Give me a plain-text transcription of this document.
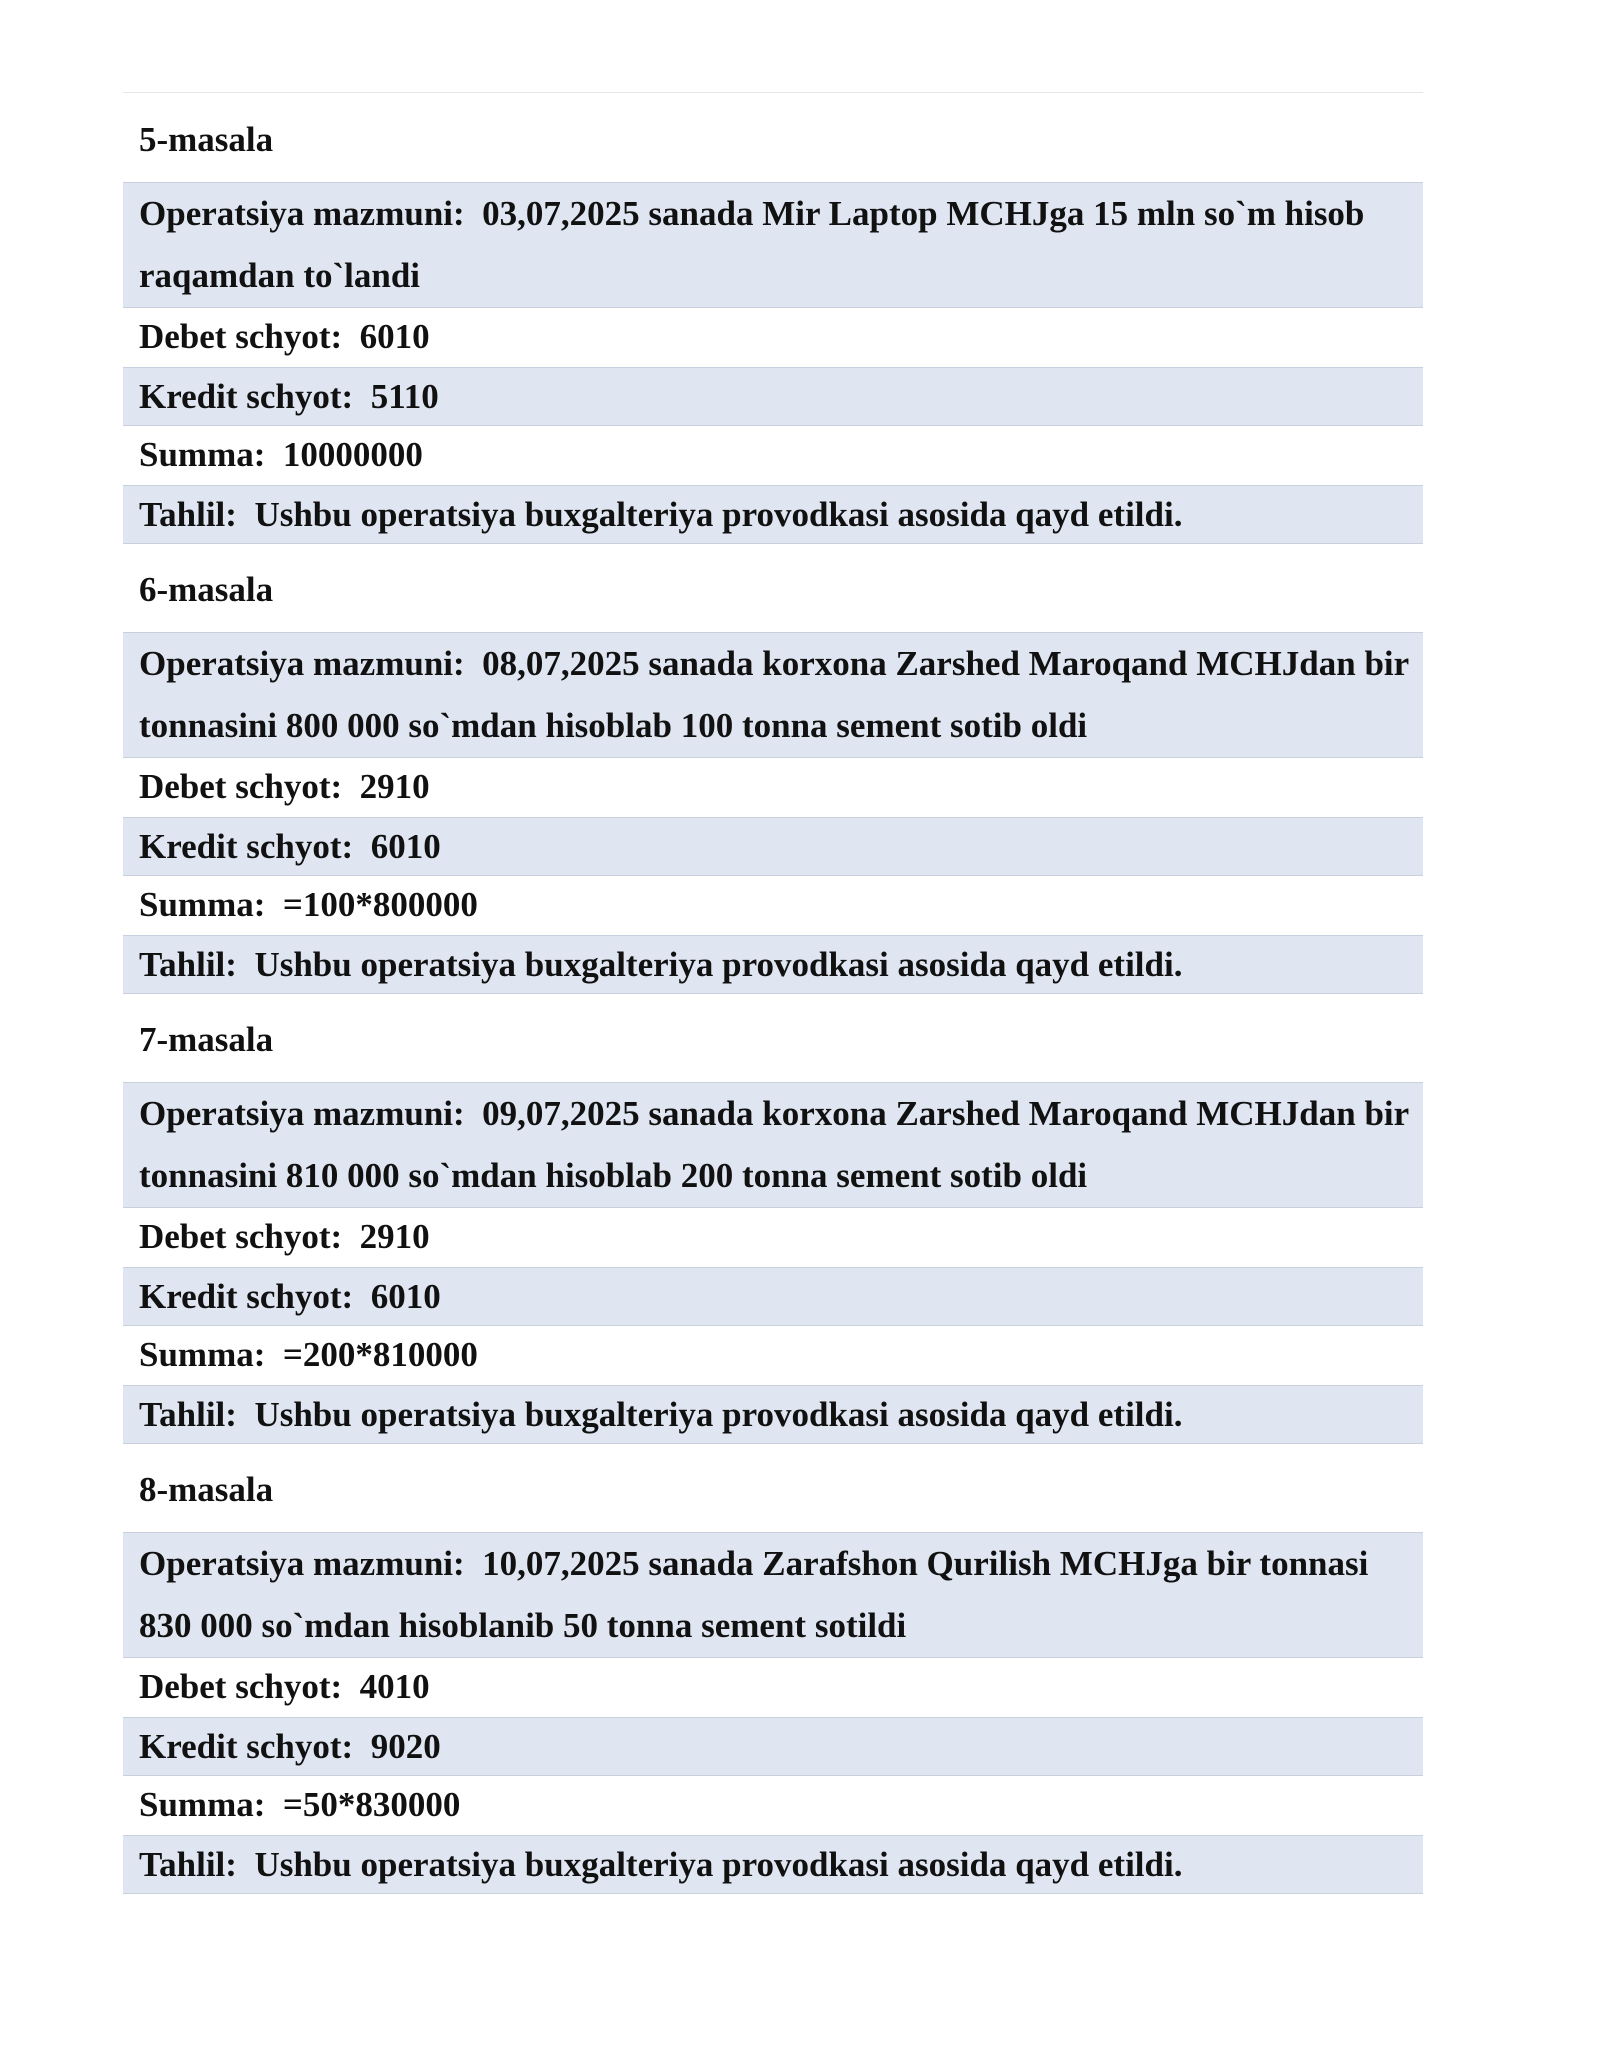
5-masala
Operatsiya mazmuni:  03,07,2025 sanada Mir Laptop MCHJga 15 mln so`m hisob raqamdan to`landi
Debet schyot:  6010
Kredit schyot:  5110
Summa:  10000000
Tahlil:  Ushbu operatsiya buxgalteriya provodkasi asosida qayd etildi.
6-masala
Operatsiya mazmuni:  08,07,2025 sanada korxona Zarshed Maroqand MCHJdan bir tonnasini 800 000 so`mdan hisoblab 100 tonna sement sotib oldi
Debet schyot:  2910
Kredit schyot:  6010
Summa:  =100*800000
Tahlil:  Ushbu operatsiya buxgalteriya provodkasi asosida qayd etildi.
7-masala
Operatsiya mazmuni:  09,07,2025 sanada korxona Zarshed Maroqand MCHJdan bir tonnasini 810 000 so`mdan hisoblab 200 tonna sement sotib oldi
Debet schyot:  2910
Kredit schyot:  6010
Summa:  =200*810000
Tahlil:  Ushbu operatsiya buxgalteriya provodkasi asosida qayd etildi.
8-masala
Operatsiya mazmuni:  10,07,2025 sanada Zarafshon Qurilish MCHJga bir tonnasi 830 000 so`mdan hisoblanib 50 tonna sement sotildi
Debet schyot:  4010
Kredit schyot:  9020
Summa:  =50*830000
Tahlil:  Ushbu operatsiya buxgalteriya provodkasi asosida qayd etildi.
